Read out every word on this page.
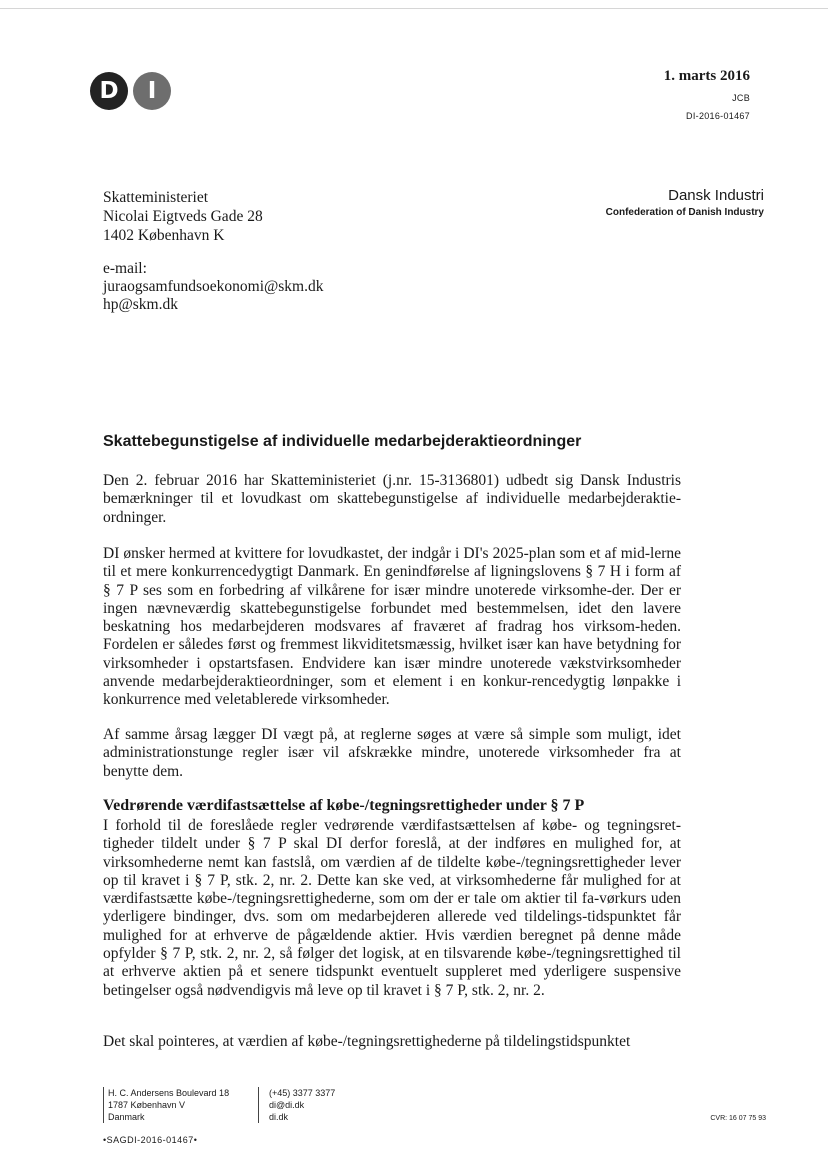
D	I
1. marts 2016
JCB
DI-2016-01467
Skatteministeriet
Nicolai Eigtveds Gade 28
1402 København K
Dansk Industri
Confederation of Danish Industry
e-mail:
juraogsamfundsoekonomi@skm.dk
hp@skm.dk
Skattebegunstigelse af individuelle medarbejderaktieordninger

Den 2. februar 2016 har Skatteministeriet (j.nr. 15-3136801) udbedt sig Dansk Industris bemærkninger til et lovudkast om skattebegunstigelse af individuelle medarbejderaktie-ordninger.

DI ønsker hermed at kvittere for lovudkastet, der indgår i DI's 2025-plan som et af mid-lerne til et mere konkurrencedygtigt Danmark. En genindførelse af ligningslovens § 7 H i form af § 7 P ses som en forbedring af vilkårene for især mindre unoterede virksomhe-der. Der er ingen nævneværdig skattebegunstigelse forbundet med bestemmelsen, idet den lavere beskatning hos medarbejderen modsvares af fraværet af fradrag hos virksom-heden. Fordelen er således først og fremmest likviditetsmæssig, hvilket især kan have betydning for virksomheder i opstartsfasen. Endvidere kan især mindre unoterede vækstvirksomheder anvende medarbejderaktieordninger, som et element i en konkur-rencedygtig lønpakke i konkurrence med veletablerede virksomheder.

Af samme årsag lægger DI vægt på, at reglerne søges at være så simple som muligt, idet administrationstunge regler især vil afskrække mindre, unoterede virksomheder fra at benytte dem.

Vedrørende værdifastsættelse af købe-/tegningsrettigheder under § 7 P

I forhold til de foreslåede regler vedrørende værdifastsættelsen af købe- og tegningsret-tigheder tildelt under § 7 P skal DI derfor foreslå, at der indføres en mulighed for, at virksomhederne nemt kan fastslå, om værdien af de tildelte købe-/tegningsrettigheder lever op til kravet i § 7 P, stk. 2, nr. 2. Dette kan ske ved, at virksomhederne får mulighed for at værdifastsætte købe-/tegningsrettighederne, som om der er tale om aktier til fa-vørkurs uden yderligere bindinger, dvs. som om medarbejderen allerede ved tildelings-tidspunktet får mulighed for at erhverve de pågældende aktier. Hvis værdien beregnet på denne måde opfylder § 7 P, stk. 2, nr. 2, så følger det logisk, at en tilsvarende købe-/tegningsrettighed til at erhverve aktien på et senere tidspunkt eventuelt suppleret med yderligere suspensive betingelser også nødvendigvis må leve op til kravet i § 7 P, stk. 2, nr. 2.

Det skal pointeres, at værdien af købe-/tegningsrettighederne på tildelingstidspunktet

H. C. Andersens Boulevard 18
1787 København V
Danmark
(+45) 3377 3377
di@di.dk
di.dk	CVR: 16 07 75 93
•SAGDI-2016-01467•
